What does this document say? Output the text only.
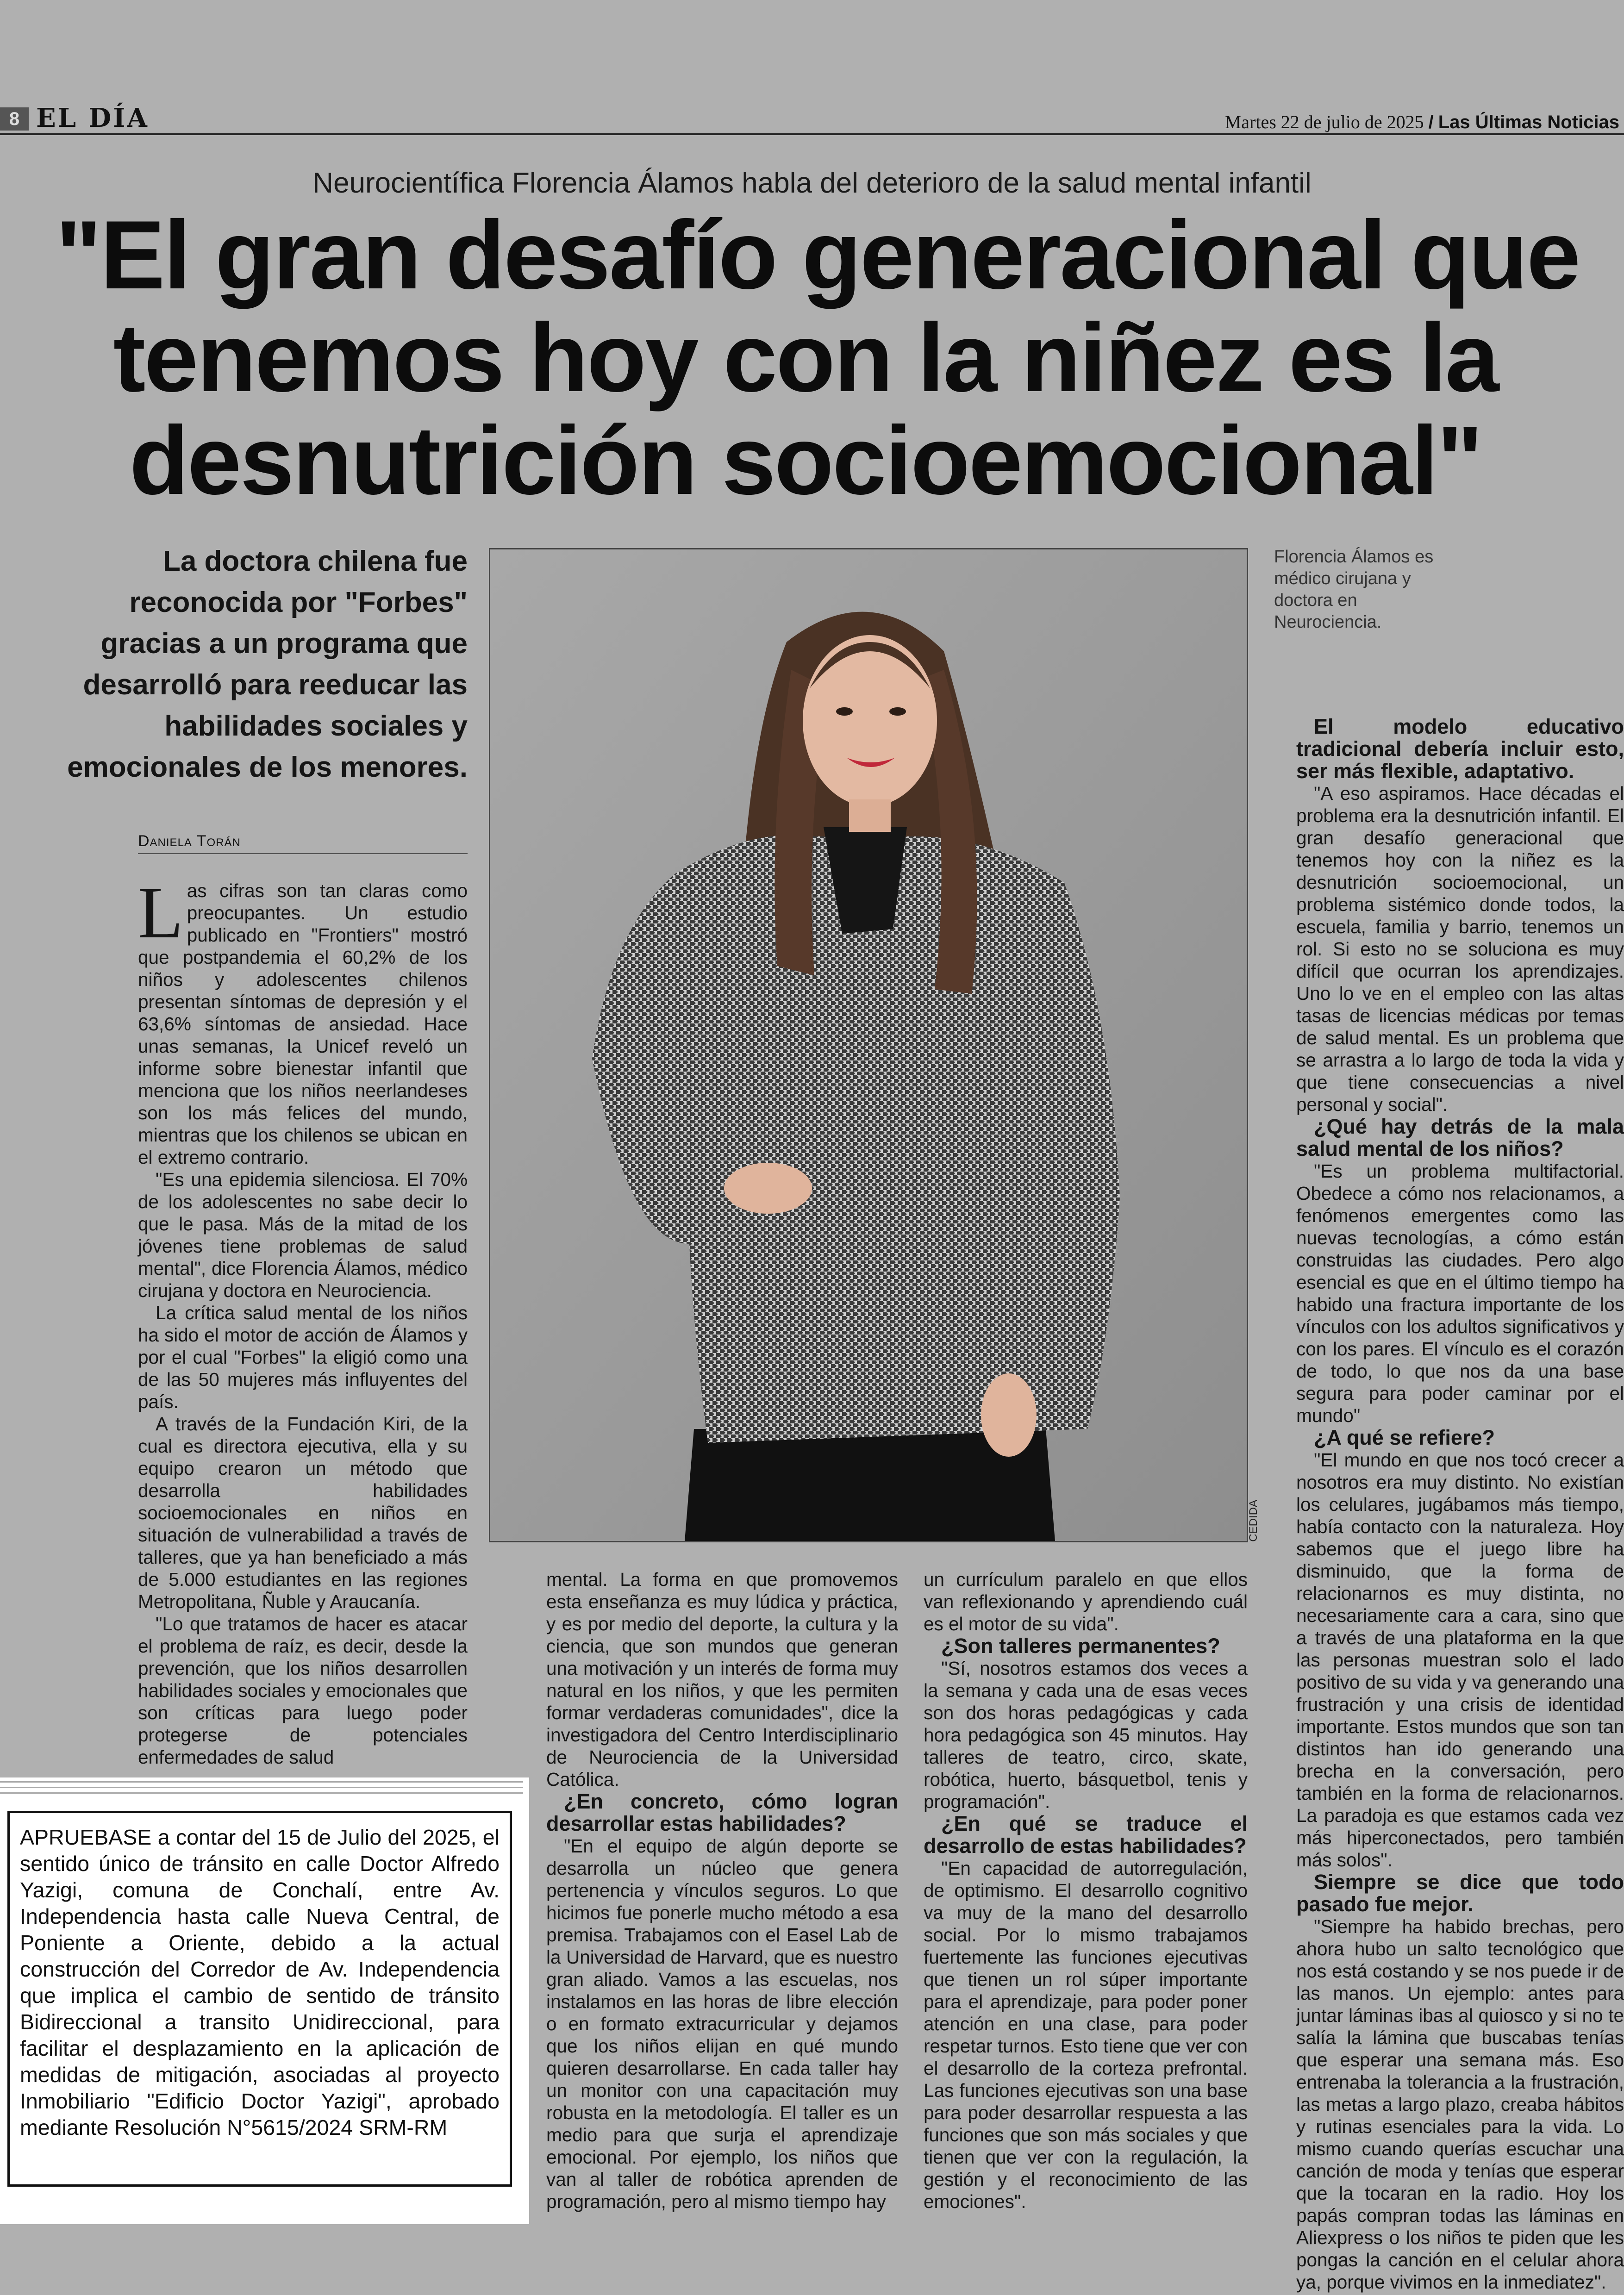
8 EL DÍA	Martes 22 de julio de 2025 / Las Últimas Noticias
Neurocientífica Florencia Álamos habla del deterioro de la salud mental infantil
"El gran desafío generacional que
tenemos hoy con la niñez es la
desnutrición socioemocional"
La doctora chilena fue reconocida por "Forbes" gracias a un programa que desarrolló para reeducar las habilidades sociales y emocionales de los menores.
CEDIDA
Florencia Álamos es médico cirujana y doctora en Neurociencia.
Daniela Torán
L as cifras son tan claras como preocupantes. Un estudio publicado en "Frontiers" mostró que postpandemia el 60,2% de los niños y adolescentes chilenos presentan síntomas de depresión y el 63,6% síntomas de ansiedad. Hace unas semanas, la Unicef reveló un informe sobre bienestar infantil que menciona que los niños neerlandeses son los más felices del mundo, mientras que los chilenos se ubican en el extremo contrario.

"Es una epidemia silenciosa. El 70% de los adolescentes no sabe decir lo que le pasa. Más de la mitad de los jóvenes tiene problemas de salud mental", dice Florencia Álamos, médico cirujana y doctora en Neurociencia.

La crítica salud mental de los niños ha sido el motor de acción de Álamos y por el cual "Forbes" la eligió como una de las 50 mujeres más influyentes del país.

A través de la Fundación Kiri, de la cual es directora ejecutiva, ella y su equipo crearon un método que desarrolla habilidades socioemocionales en niños en situación de vulnerabilidad a través de talleres, que ya han beneficiado a más de 5.000 estudiantes en las regiones Metropolitana, Ñuble y Araucanía.

"Lo que tratamos de hacer es atacar el problema de raíz, es decir, desde la prevención, que los niños desarrollen habilidades sociales y emocionales que son críticas para luego poder protegerse de potenciales enfermedades de salud

mental. La forma en que promovemos esta enseñanza es muy lúdica y práctica, y es por medio del deporte, la cultura y la ciencia, que son mundos que generan una motivación y un interés de forma muy natural en los niños, y que les permiten formar verdaderas comunidades", dice la investigadora del Centro Interdisciplinario de Neurociencia de la Universidad Católica.

¿En concreto, cómo logran desarrollar estas habilidades?

"En el equipo de algún deporte se desarrolla un núcleo que genera pertenencia y vínculos seguros. Lo que hicimos fue ponerle mucho método a esa premisa. Trabajamos con el Easel Lab de la Universidad de Harvard, que es nuestro gran aliado. Vamos a las escuelas, nos instalamos en las horas de libre elección o en formato extracurricular y dejamos que los niños elijan en qué mundo quieren desarrollarse. En cada taller hay un monitor con una capacitación muy robusta en la metodología. El taller es un medio para que surja el aprendizaje emocional. Por ejemplo, los niños que van al taller de robótica aprenden de programación, pero al mismo tiempo hay

un currículum paralelo en que ellos van reflexionando y aprendiendo cuál es el motor de su vida".

¿Son talleres permanentes?

"Sí, nosotros estamos dos veces a la semana y cada una de esas veces son dos horas pedagógicas y cada hora pedagógica son 45 minutos. Hay talleres de teatro, circo, skate, robótica, huerto, básquetbol, tenis y programación".

¿En qué se traduce el desarrollo de estas habilidades?

"En capacidad de autorregulación, de optimismo. El desarrollo cognitivo va muy de la mano del desarrollo social. Por lo mismo trabajamos fuertemente las funciones ejecutivas que tienen un rol súper importante para el aprendizaje, para poder poner atención en una clase, para poder respetar turnos. Esto tiene que ver con el desarrollo de la corteza prefrontal. Las funciones ejecutivas son una base para poder desarrollar respuesta a las funciones que son más sociales y que tienen que ver con la regulación, la gestión y el reconocimiento de las emociones".

El modelo educativo tradicional debería incluir esto, ser más flexible, adaptativo.

"A eso aspiramos. Hace décadas el problema era la desnutrición infantil. El gran desafío generacional que tenemos hoy con la niñez es la desnutrición socioemocional, un problema sistémico donde todos, la escuela, familia y barrio, tenemos un rol. Si esto no se soluciona es muy difícil que ocurran los aprendizajes. Uno lo ve en el empleo con las altas tasas de licencias médicas por temas de salud mental. Es un problema que se arrastra a lo largo de toda la vida y que tiene consecuencias a nivel personal y social".

¿Qué hay detrás de la mala salud mental de los niños?

"Es un problema multifactorial. Obedece a cómo nos relacionamos, a fenómenos emergentes como las nuevas tecnologías, a cómo están construidas las ciudades. Pero algo esencial es que en el último tiempo ha habido una fractura importante de los vínculos con los adultos significativos y con los pares. El vínculo es el corazón de todo, lo que nos da una base segura para poder caminar por el mundo"

¿A qué se refiere?

"El mundo en que nos tocó crecer a nosotros era muy distinto. No existían los celulares, jugábamos más tiempo, había contacto con la naturaleza. Hoy sabemos que el juego libre ha disminuido, que la forma de relacionarnos es muy distinta, no necesariamente cara a cara, sino que a través de una plataforma en la que las personas muestran solo el lado positivo de su vida y va generando una frustración y una crisis de identidad importante. Estos mundos que son tan distintos han ido generando una brecha en la conversación, pero también en la forma de relacionarnos. La paradoja es que estamos cada vez más hiperconectados, pero también más solos".

Siempre se dice que todo pasado fue mejor.

"Siempre ha habido brechas, pero ahora hubo un salto tecnológico que nos está costando y se nos puede ir de las manos. Un ejemplo: antes para juntar láminas ibas al quiosco y si no te salía la lámina que buscabas tenías que esperar una semana más. Eso entrenaba la tolerancia a la frustración, las metas a largo plazo, creaba hábitos y rutinas esenciales para la vida. Lo mismo cuando querías escuchar una canción de moda y tenías que esperar que la tocaran en la radio. Hoy los papás compran todas las láminas en Aliexpress o los niños te piden que les pongas la canción en el celular ahora ya, porque vivimos en la inmediatez".

APRUEBASE a contar del 15 de Julio del 2025, el sentido único de tránsito en calle Doctor Alfredo Yazigi, comuna de Conchalí, entre Av. Independencia hasta calle Nueva Central, de Poniente a Oriente, debido a la actual construcción del Corredor de Av. Independencia que implica el cambio de sentido de tránsito Bidireccional a transito Unidireccional, para facilitar el desplazamiento en la aplicación de medidas de mitigación, asociadas al proyecto Inmobiliario "Edificio Doctor Yazigi", aprobado mediante Resolución N°5615/2024 SRM-RM
